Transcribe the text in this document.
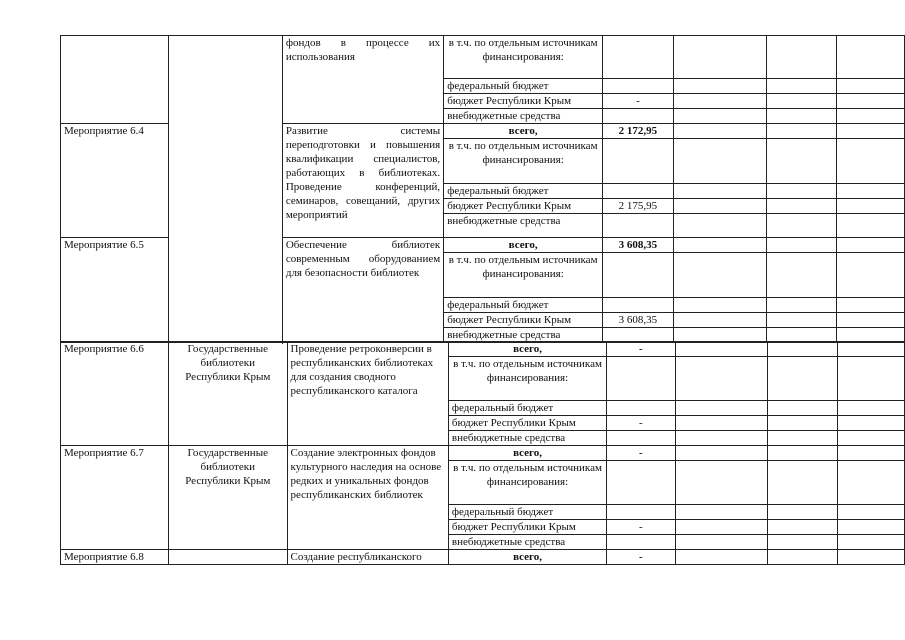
		фондов в процессе их использования	в т.ч. по отдельным источникам финансирования:				
			федеральный бюджет				
			бюджет Республики Крым	-			
			внебюджетные средства				

Мероприятие 6.4		Развитие системы переподготовки и повышения квалификации специалистов, работающих в библиотеках. Проведение конференций, семинаров, совещаний, других мероприятий	всего,	2 172,95			
			в т.ч. по отдельным источникам финансирования:				
			федеральный бюджет				
			бюджет Республики Крым	2 175,95			
			внебюджетные средства				

Мероприятие 6.5		Обеспечение библиотек современным оборудованием для безопасности библиотек	всего,	3 608,35			
			в т.ч. по отдельным источникам финансирования:				
			федеральный бюджет				
			бюджет Республики Крым	3 608,35			
			внебюджетные средства				

Мероприятие 6.6	Государственные библиотеки Республики Крым	Проведение ретроконверсии в республиканских библиотеках для создания сводного республиканского каталога	всего,	-			
			в т.ч. по отдельным источникам финансирования:				
			федеральный бюджет				
			бюджет Республики Крым	-			
			внебюджетные средства				
Мероприятие 6.7	Государственные библиотеки Республики Крым	Создание электронных фондов культурного наследия на основе редких и уникальных фондов республиканских библиотек	всего,	-			
			в т.ч. по отдельным источникам финансирования:				
			федеральный бюджет				
			бюджет Республики Крым	-			
			внебюджетные средства				
Мероприятие 6.8		Создание республиканского	всего,	-			
